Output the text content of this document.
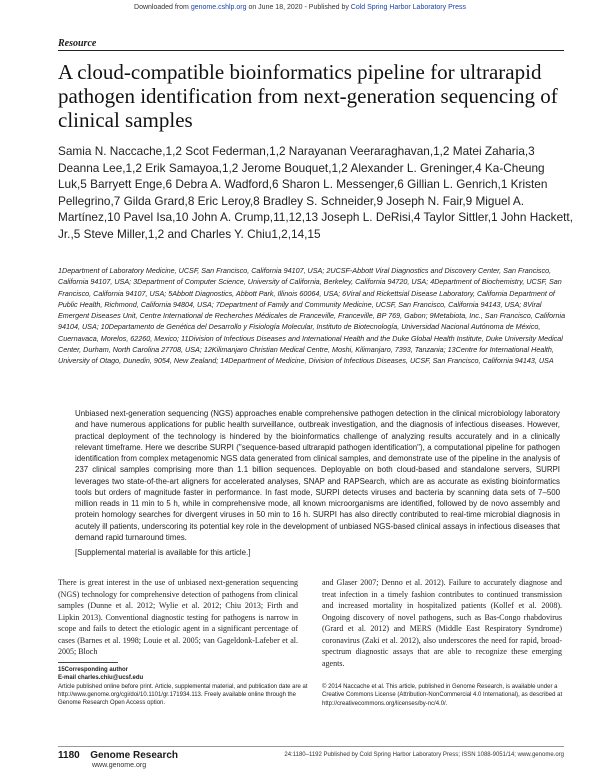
Downloaded from genome.cshlp.org on June 18, 2020 - Published by Cold Spring Harbor Laboratory Press
Resource
A cloud-compatible bioinformatics pipeline for ultrarapid pathogen identification from next-generation sequencing of clinical samples
Samia N. Naccache,1,2 Scot Federman,1,2 Narayanan Veeraraghavan,1,2 Matei Zaharia,3 Deanna Lee,1,2 Erik Samayoa,1,2 Jerome Bouquet,1,2 Alexander L. Greninger,4 Ka-Cheung Luk,5 Barryett Enge,6 Debra A. Wadford,6 Sharon L. Messenger,6 Gillian L. Genrich,1 Kristen Pellegrino,7 Gilda Grard,8 Eric Leroy,8 Bradley S. Schneider,9 Joseph N. Fair,9 Miguel A. Martínez,10 Pavel Isa,10 John A. Crump,11,12,13 Joseph L. DeRisi,4 Taylor Sittler,1 John Hackett, Jr.,5 Steve Miller,1,2 and Charles Y. Chiu1,2,14,15
1Department of Laboratory Medicine, UCSF, San Francisco, California 94107, USA; 2UCSF-Abbott Viral Diagnostics and Discovery Center, San Francisco, California 94107, USA; 3Department of Computer Science, University of California, Berkeley, California 94720, USA; 4Department of Biochemistry, UCSF, San Francisco, California 94107, USA; 5Abbott Diagnostics, Abbott Park, Illinois 60064, USA; 6Viral and Rickettsial Disease Laboratory, California Department of Public Health, Richmond, California 94804, USA; 7Department of Family and Community Medicine, UCSF, San Francisco, California 94143, USA; 8Viral Emergent Diseases Unit, Centre International de Recherches Médicales de Franceville, Franceville, BP 769, Gabon; 9Metabiota, Inc., San Francisco, California 94104, USA; 10Departamento de Genética del Desarrollo y Fisiología Molecular, Instituto de Biotecnología, Universidad Nacional Autónoma de México, Cuernavaca, Morelos, 62260, Mexico; 11Division of Infectious Diseases and International Health and the Duke Global Health Institute, Duke University Medical Center, Durham, North Carolina 27708, USA; 12Kilimanjaro Christian Medical Centre, Moshi, Kilimanjaro, 7393, Tanzania; 13Centre for International Health, University of Otago, Dunedin, 9054, New Zealand; 14Department of Medicine, Division of Infectious Diseases, UCSF, San Francisco, California 94143, USA
Unbiased next-generation sequencing (NGS) approaches enable comprehensive pathogen detection in the clinical microbiology laboratory and have numerous applications for public health surveillance, outbreak investigation, and the diagnosis of infectious diseases. However, practical deployment of the technology is hindered by the bioinformatics challenge of analyzing results accurately and in a clinically relevant timeframe. Here we describe SURPI ("sequence-based ultrarapid pathogen identification"), a computational pipeline for pathogen identification from complex metagenomic NGS data generated from clinical samples, and demonstrate use of the pipeline in the analysis of 237 clinical samples comprising more than 1.1 billion sequences. Deployable on both cloud-based and standalone servers, SURPI leverages two state-of-the-art aligners for accelerated analyses, SNAP and RAPSearch, which are as accurate as existing bioinformatics tools but orders of magnitude faster in performance. In fast mode, SURPI detects viruses and bacteria by scanning data sets of 7–500 million reads in 11 min to 5 h, while in comprehensive mode, all known microorganisms are identified, followed by de novo assembly and protein homology searches for divergent viruses in 50 min to 16 h. SURPI has also directly contributed to real-time microbial diagnosis in acutely ill patients, underscoring its potential key role in the development of unbiased NGS-based clinical assays in infectious diseases that demand rapid turnaround times.
[Supplemental material is available for this article.]
There is great interest in the use of unbiased next-generation sequencing (NGS) technology for comprehensive detection of pathogens from clinical samples (Dunne et al. 2012; Wylie et al. 2012; Chiu 2013; Firth and Lipkin 2013). Conventional diagnostic testing for pathogens is narrow in scope and fails to detect the etiologic agent in a significant percentage of cases (Barnes et al. 1998; Louie et al. 2005; van Gageldonk-Lafeber et al. 2005; Bloch
and Glaser 2007; Denno et al. 2012). Failure to accurately diagnose and treat infection in a timely fashion contributes to continued transmission and increased mortality in hospitalized patients (Kollef et al. 2008). Ongoing discovery of novel pathogens, such as Bas-Congo rhabdovirus (Grard et al. 2012) and MERS (Middle East Respiratory Syndrome) coronavirus (Zaki et al. 2012), also underscores the need for rapid, broad-spectrum diagnostic assays that are able to recognize these emerging agents.
15Corresponding author
E-mail charles.chiu@ucsf.edu
Article published online before print. Article, supplemental material, and publication date are at http://www.genome.org/cgi/doi/10.1101/gr.171934.113. Freely available online through the Genome Research Open Access option.
© 2014 Naccache et al. This article, published in Genome Research, is available under a Creative Commons License (Attribution-NonCommercial 4.0 International), as described at http://creativecommons.org/licenses/by-nc/4.0/.
1180 Genome Research
www.genome.org
24:1180–1192 Published by Cold Spring Harbor Laboratory Press; ISSN 1088-9051/14; www.genome.org
